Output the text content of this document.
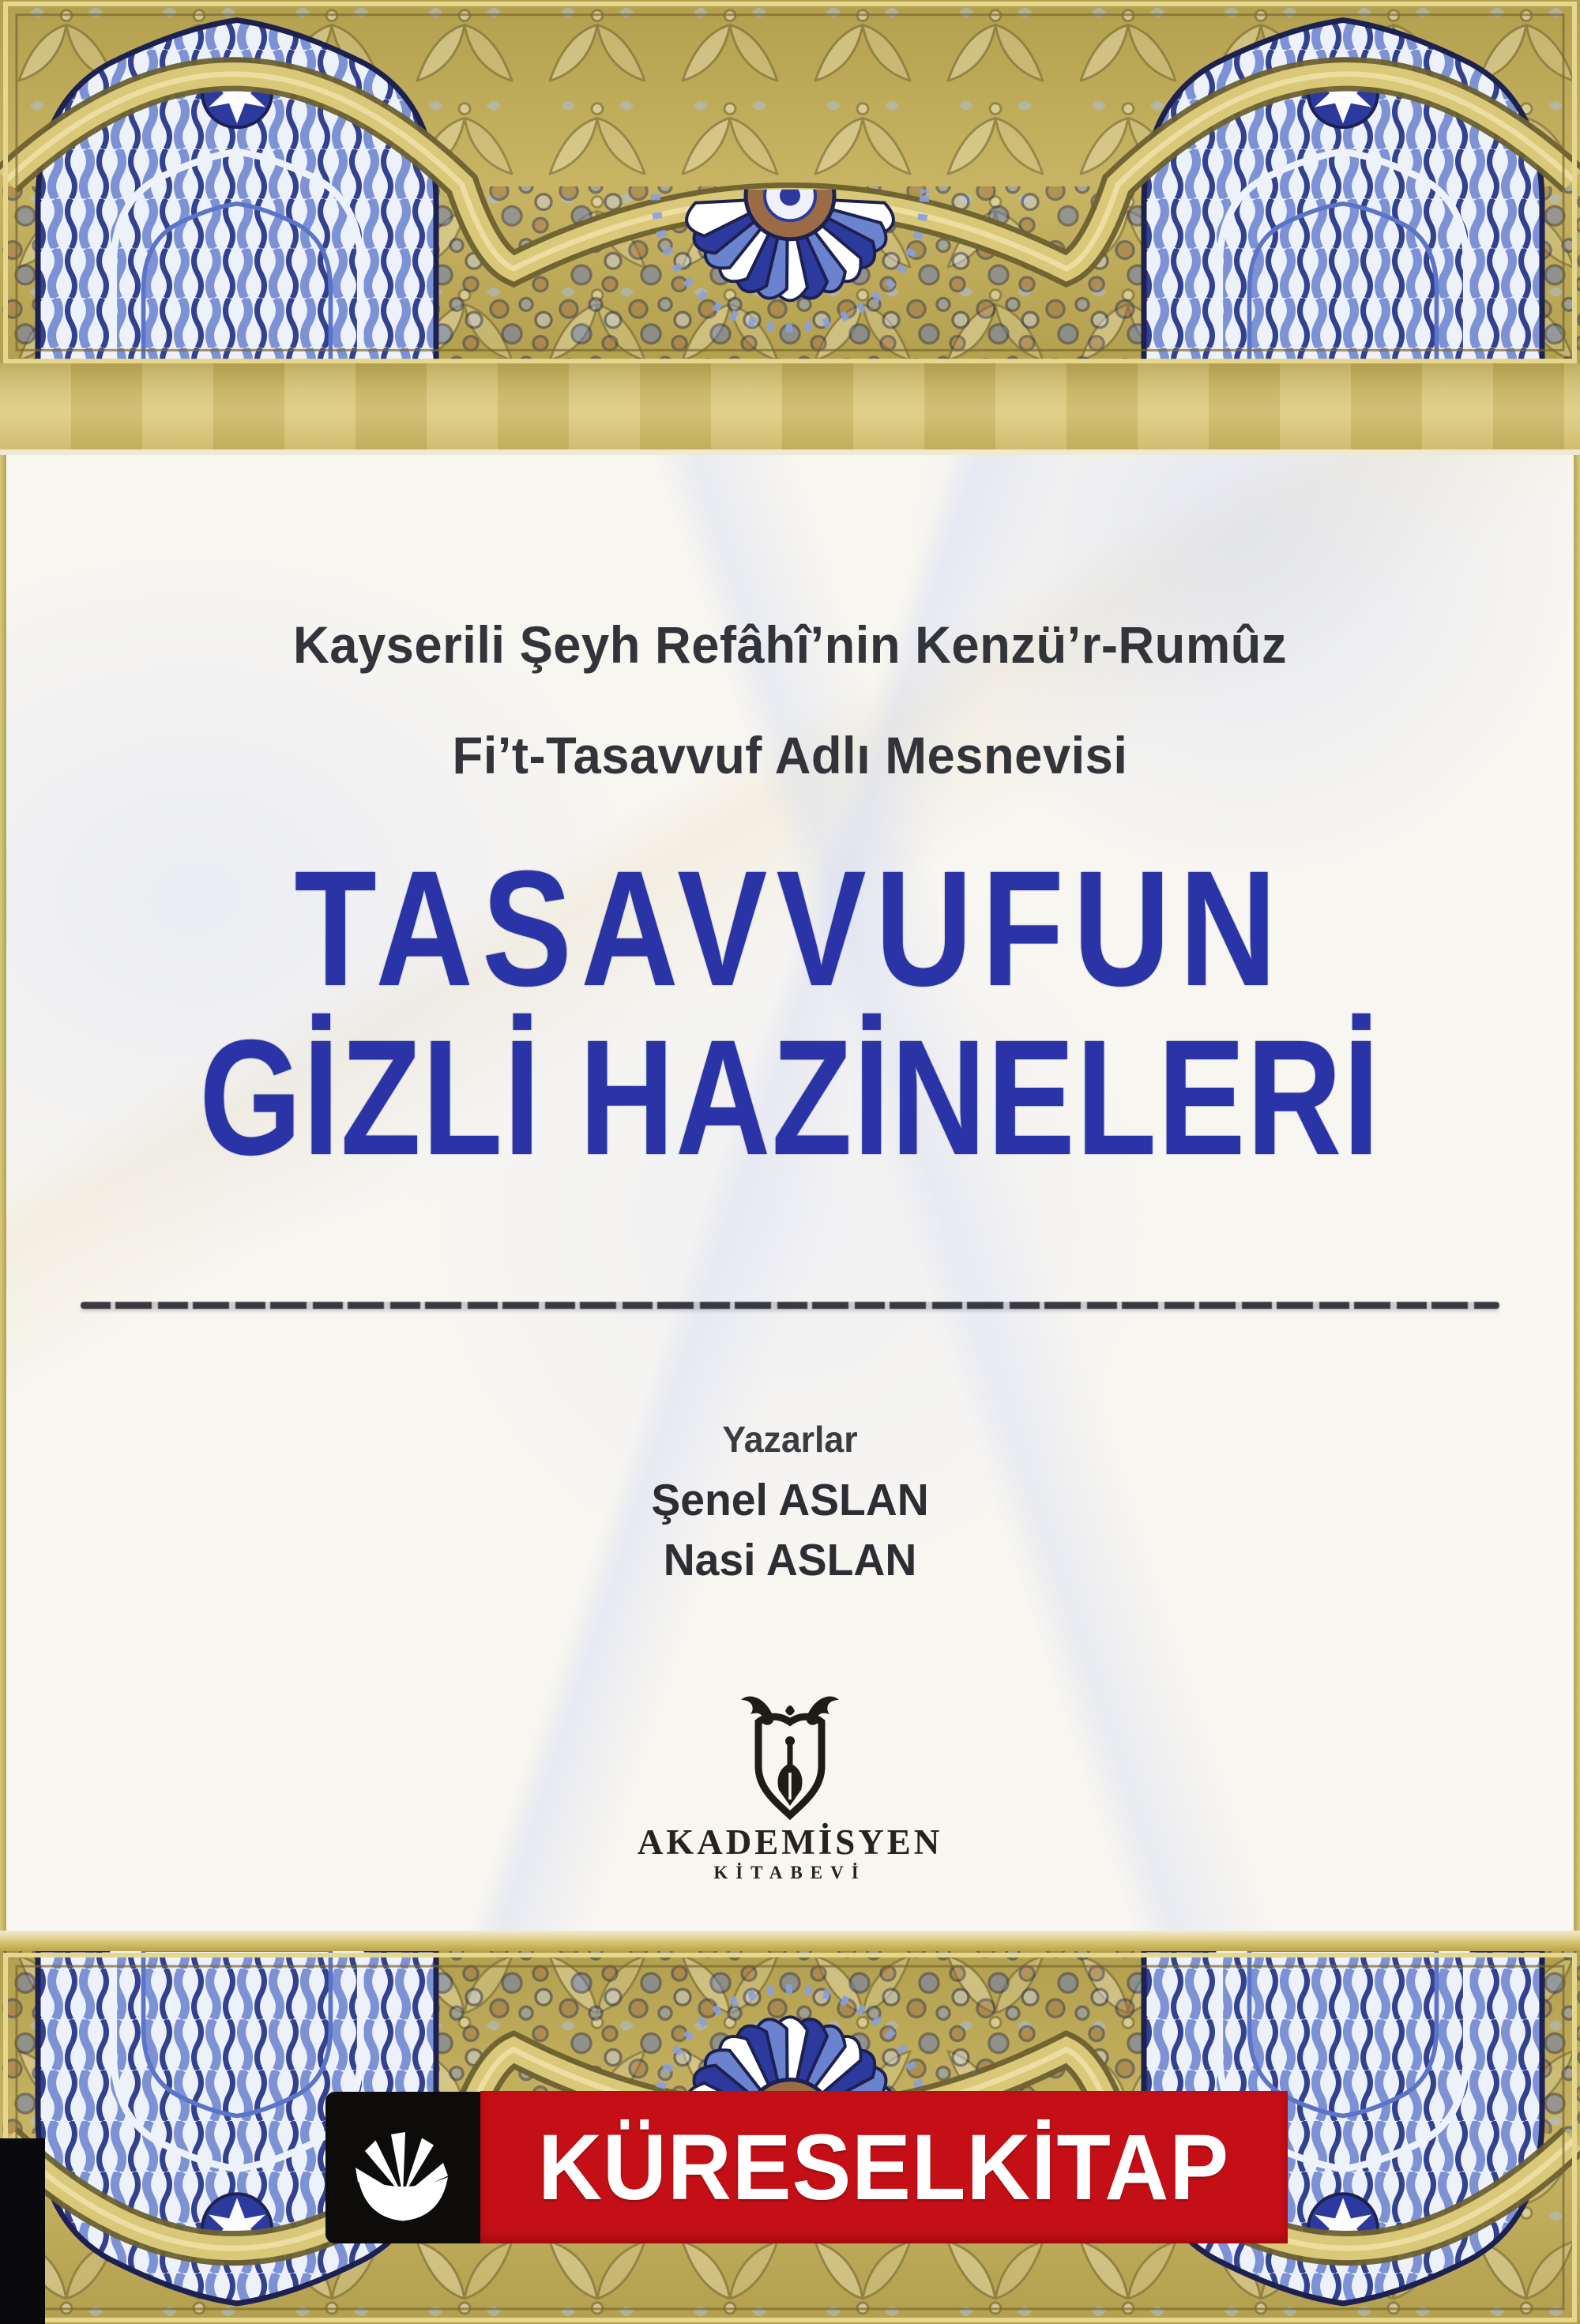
Kayserili Şeyh Refâhî’nin Kenzü’r-Rumûz
Fi’t-Tasavvuf Adlı Mesnevisi
TASAVVUFUN
GİZLİ HAZİNELERİ
Yazarlar
Şenel ASLAN
Nasi ASLAN
AKADEMİSYEN
KİTABEVİ
KÜRESELKİTAP
